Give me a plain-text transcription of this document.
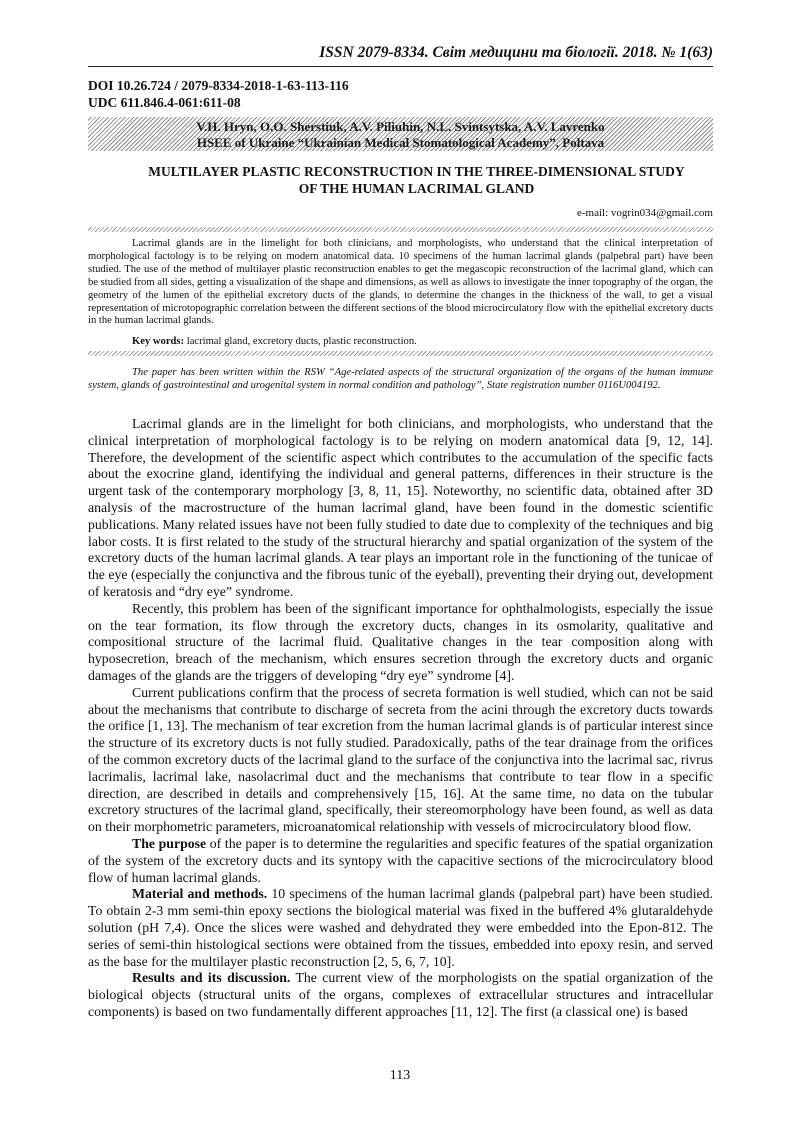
ISSN 2079-8334. Світ медицини та біології. 2018. № 1(63)
DOI 10.26.724 / 2079-8334-2018-1-63-113-116
UDC 611.846.4-061:611-08
V.H. Hryn, O.O. Sherstiuk, A.V. Piliuhin, N.L. Svintsytska, A.V. Lavrenko
HSEE of Ukraine “Ukrainian Medical Stomatological Academy”, Poltava
MULTILAYER PLASTIC RECONSTRUCTION IN THE THREE-DIMENSIONAL STUDY
OF THE HUMAN LACRIMAL GLAND
e-mail: vogrin034@gmail.com

Lacrimal glands are in the limelight for both clinicians, and morphologists, who understand that the clinical interpretation of morphological factology is to be relying on modern anatomical data. 10 specimens of the human lacrimal glands (palpebral part) have been studied. The use of the method of multilayer plastic reconstruction enables to get the megascopic reconstruction of the lacrimal gland, which can be studied from all sides, getting a visualization of the shape and dimensions, as well as allows to investigate the inner topography of the organ, the geometry of the lumen of the epithelial excretory ducts of the glands, to determine the changes in the thickness of the wall, to get a visual representation of microtopographic correlation between the different sections of the blood microcirculatory flow with the epithelial excretory ducts in the human lacrimal glands.

Key words: lacrimal gland, excretory ducts, plastic reconstruction.

The paper has been written within the RSW “Age-related aspects of the structural organization of the organs of the human immune system, glands of gastrointestinal and urogenital system in normal condition and pathology”, State registration number 0116U004192.

Lacrimal glands are in the limelight for both clinicians, and morphologists, who understand that the clinical interpretation of morphological factology is to be relying on modern anatomical data [9, 12, 14]. Therefore, the development of the scientific aspect which contributes to the accumulation of the specific facts about the exocrine gland, identifying the individual and general patterns, differences in their structure is the urgent task of the contemporary morphology [3, 8, 11, 15]. Noteworthy, no scientific data, obtained after 3D analysis of the macrostructure of the human lacrimal gland, have been found in the domestic scientific publications. Many related issues have not been fully studied to date due to complexity of the techniques and big labor costs. It is first related to the study of the structural hierarchy and spatial organization of the system of the excretory ducts of the human lacrimal glands. A tear plays an important role in the functioning of the tunicae of the eye (especially the conjunctiva and the fibrous tunic of the eyeball), preventing their drying out, development of keratosis and “dry eye” syndrome.

Recently, this problem has been of the significant importance for ophthalmologists, especially the issue on the tear formation, its flow through the excretory ducts, changes in its osmolarity, qualitative and compositional structure of the lacrimal fluid. Qualitative changes in the tear composition along with hyposecretion, breach of the mechanism, which ensures secretion through the excretory ducts and organic damages of the glands are the triggers of developing “dry eye” syndrome [4].

Current publications confirm that the process of secreta formation is well studied, which can not be said about the mechanisms that contribute to discharge of secreta from the acini through the excretory ducts towards the orifice [1, 13]. The mechanism of tear excretion from the human lacrimal glands is of particular interest since the structure of its excretory ducts is not fully studied. Paradoxically, paths of the tear drainage from the orifices of the common excretory ducts of the lacrimal gland to the surface of the conjunctiva into the lacrimal sac, rivrus lacrimalis, lacrimal lake, nasolacrimal duct and the mechanisms that contribute to tear flow in a specific direction, are described in details and comprehensively [15, 16]. At the same time, no data on the tubular excretory structures of the lacrimal gland, specifically, their stereomorphology have been found, as well as data on their morphometric parameters, microanatomical relationship with vessels of microcirculatory blood flow.

The purpose of the paper is to determine the regularities and specific features of the spatial organization of the system of the excretory ducts and its syntopy with the capacitive sections of the microcirculatory blood flow of human lacrimal glands.

Material and methods. 10 specimens of the human lacrimal glands (palpebral part) have been studied. To obtain 2-3 mm semi-thin epoxy sections the biological material was fixed in the buffered 4% glutaraldehyde solution (pH 7,4). Once the slices were washed and dehydrated they were embedded into the Epon-812. The series of semi-thin histological sections were obtained from the tissues, embedded into epoxy resin, and served as the base for the multilayer plastic reconstruction [2, 5, 6, 7, 10].

Results and its discussion. The current view of the morphologists on the spatial organization of the biological objects (structural units of the organs, complexes of extracellular structures and intracellular components) is based on two fundamentally different approaches [11, 12]. The first (a classical one) is based

113
